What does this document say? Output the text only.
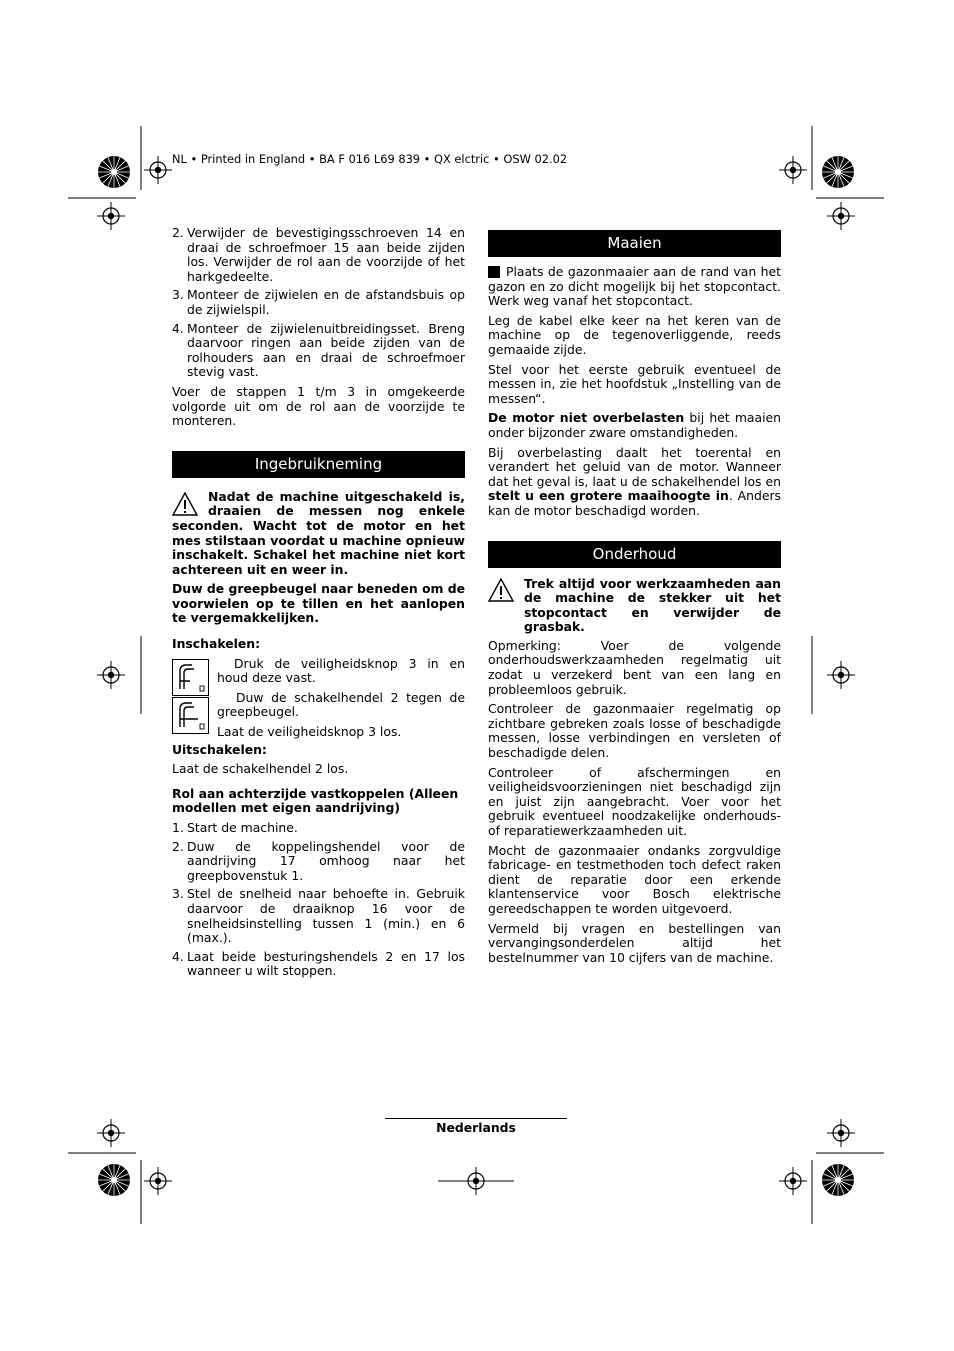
NL • Printed in England • BA F 016 L69 839 • QX elctric • OSW 02.02
2. Verwijder de bevestigingsschroeven 14 en draai de schroefmoer 15 aan beide zijden los. Verwijder de rol aan de voorzijde of het harkgedeelte.
3. Monteer de zijwielen en de afstandsbuis op de zijwielspil.
4. Monteer de zijwielenuitbreidingsset. Breng daarvoor ringen aan beide zijden van de rolhouders aan en draai de schroefmoer stevig vast.

Voer de stappen 1 t/m 3 in omgekeerde volgorde uit om de rol aan de voorzijde te monteren.

Ingebruikneming
Nadat de machine uitgeschakeld is, draaien de messen nog enkele seconden. Wacht tot de motor en het mes stilstaan voordat u machine opnieuw inschakelt. Schakel het machine niet kort achtereen uit en weer in.

Duw de greepbeugel naar beneden om de voorwielen op te tillen en het aanlopen te vergemakkelijken.

Inschakelen:

Druk de veiligheidsknop 3 in en houd deze vast.

Duw de schakelhendel 2 tegen de greepbeugel.

Laat de veiligheidsknop 3 los.

Uitschakelen:

Laat de schakelhendel 2 los.

Rol aan achterzijde vastkoppelen (Alleen modellen met eigen aandrijving)

1. Start de machine.
2. Duw de koppelingshendel voor de aandrijving 17 omhoog naar het greepbovenstuk 1.
3. Stel de snelheid naar behoefte in. Gebruik daarvoor de draaiknop 16 voor de snelheidsinstelling tussen 1 (min.) en 6 (max.).
4. Laat beide besturingshendels 2 en 17 los wanneer u wilt stoppen.
Maaien

Plaats de gazonmaaier aan de rand van het gazon en zo dicht mogelijk bij het stopcontact. Werk weg vanaf het stopcontact.

Leg de kabel elke keer na het keren van de machine op de tegenoverliggende, reeds gemaaide zijde.

Stel voor het eerste gebruik eventueel de messen in, zie het hoofdstuk „Instelling van de messen“.

De motor niet overbelasten bij het maaien onder bijzonder zware omstandigheden.

Bij overbelasting daalt het toerental en verandert het geluid van de motor. Wanneer dat het geval is, laat u de schakelhendel los en stelt u een grotere maaihoogte in. Anders kan de motor beschadigd worden.

Onderhoud
Trek altijd voor werkzaamheden aan de machine de stekker uit het stopcontact en verwijder de grasbak.

Opmerking: Voer de volgende onderhoudswerkzaamheden regelmatig uit zodat u verzekerd bent van een lang en probleemloos gebruik.

Controleer de gazonmaaier regelmatig op zichtbare gebreken zoals losse of beschadigde messen, losse verbindingen en versleten of beschadigde delen.

Controleer of afschermingen en veiligheidsvoorzieningen niet beschadigd zijn en juist zijn aangebracht. Voer voor het gebruik eventueel noodzakelijke onderhouds- of reparatiewerkzaamheden uit.

Mocht de gazonmaaier ondanks zorgvuldige fabricage- en testmethoden toch defect raken dient de reparatie door een erkende klantenservice voor Bosch elektrische gereedschappen te worden uitgevoerd.

Vermeld bij vragen en bestellingen van vervangingsonderdelen altijd het bestelnummer van 10 cijfers van de machine.

Nederlands
